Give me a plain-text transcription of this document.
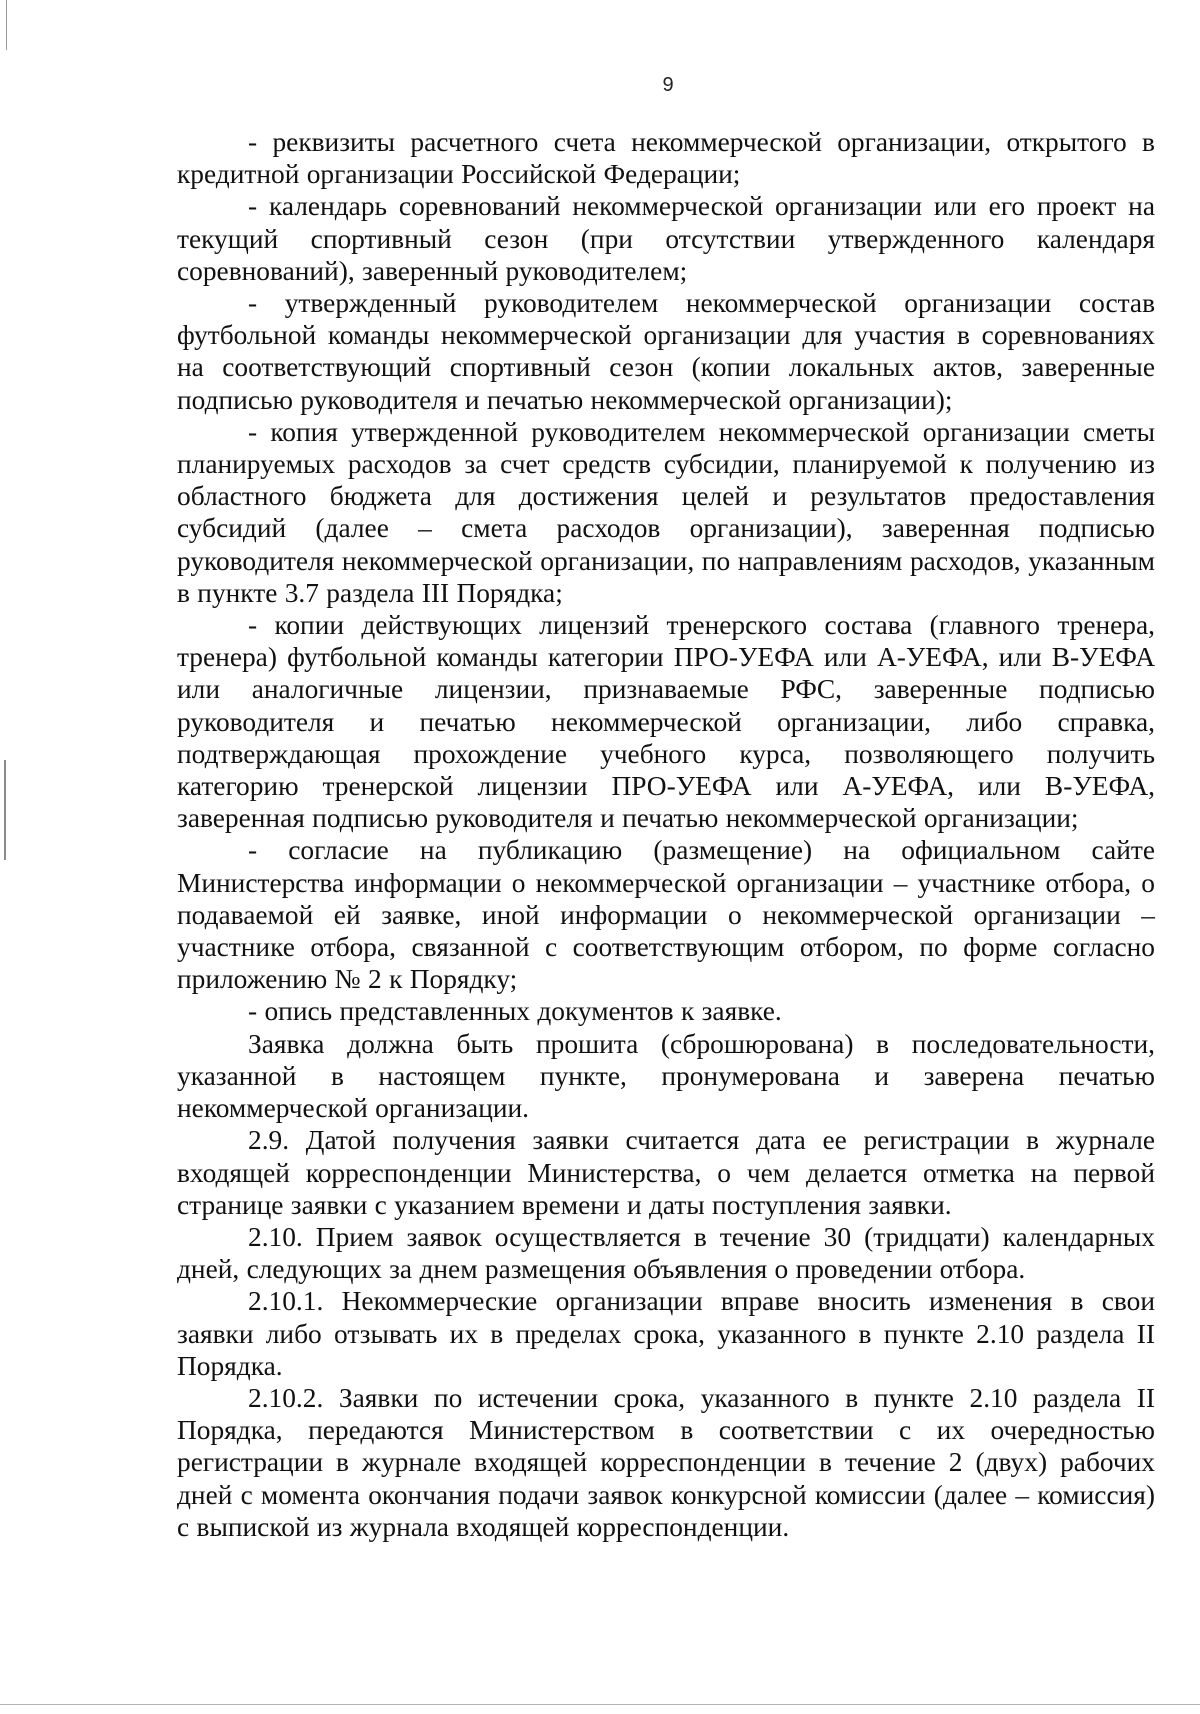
9

- реквизиты расчетного счета некоммерческой организации, открытого в кредитной организации Российской Федерации;

- календарь соревнований некоммерческой организации или его проект на текущий спортивный сезон (при отсутствии утвержденного календаря соревнований), заверенный руководителем;

- утвержденный руководителем некоммерческой организации состав футбольной команды некоммерческой организации для участия в соревнованиях на соответствующий спортивный сезон (копии локальных актов, заверенные подписью руководителя и печатью некоммерческой организации);

- копия утвержденной руководителем некоммерческой организации сметы планируемых расходов за счет средств субсидии, планируемой к получению из областного бюджета для достижения целей и результатов предоставления субсидий (далее – смета расходов организации), заверенная подписью руководителя некоммерческой организации, по направлениям расходов, указанным в пункте 3.7 раздела III Порядка;

- копии действующих лицензий тренерского состава (главного тренера, тренера) футбольной команды категории ПРО-УЕФА или А-УЕФА, или В-УЕФА или аналогичные лицензии, признаваемые РФС, заверенные подписью руководителя и печатью некоммерческой организации, либо справка, подтверждающая прохождение учебного курса, позволяющего получить категорию тренерской лицензии ПРО-УЕФА или А-УЕФА, или В-УЕФА, заверенная подписью руководителя и печатью некоммерческой организации;

- согласие на публикацию (размещение) на официальном сайте Министерства информации о некоммерческой организации – участнике отбора, о подаваемой ей заявке, иной информации о некоммерческой организации – участнике отбора, связанной с соответствующим отбором, по форме согласно приложению № 2 к Порядку;

- опись представленных документов к заявке.

Заявка должна быть прошита (сброшюрована) в последовательности, указанной в настоящем пункте, пронумерована и заверена печатью некоммерческой организации.

2.9. Датой получения заявки считается дата ее регистрации в журнале входящей корреспонденции Министерства, о чем делается отметка на первой странице заявки с указанием времени и даты поступления заявки.

2.10. Прием заявок осуществляется в течение 30 (тридцати) календарных дней, следующих за днем размещения объявления о проведении отбора.

2.10.1. Некоммерческие организации вправе вносить изменения в свои заявки либо отзывать их в пределах срока, указанного в пункте 2.10 раздела II Порядка.

2.10.2. Заявки по истечении срока, указанного в пункте 2.10 раздела II Порядка, передаются Министерством в соответствии с их очередностью регистрации в журнале входящей корреспонденции в течение 2 (двух) рабочих дней с момента окончания подачи заявок конкурсной комиссии (далее – комиссия) с выпиской из журнала входящей корреспонденции.
